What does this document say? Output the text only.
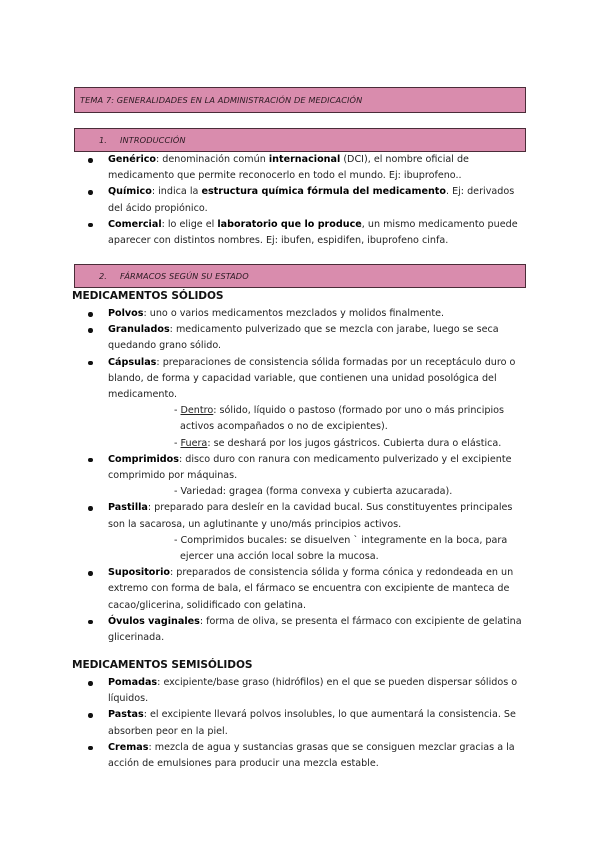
TEMA 7: GENERALIDADES EN LA ADMINISTRACIÓN DE MEDICACIÓN
1. INTRODUCCIÓN
Genérico: denominación común internacional (DCI), el nombre oficial de medicamento que permite reconocerlo en todo el mundo. Ej: ibuprofeno..
Químico: indica la estructura química fórmula del medicamento. Ej: derivados del ácido propiónico.
Comercial: lo elige el laboratorio que lo produce, un mismo medicamento puede aparecer con distintos nombres. Ej: ibufen, espidifen, ibuprofeno cinfa.
2. FÁRMACOS SEGÚN SU ESTADO
MEDICAMENTOS SÓLIDOS
Polvos: uno o varios medicamentos mezclados y molidos finalmente.
Granulados: medicamento pulverizado que se mezcla con jarabe, luego se seca quedando grano sólido.
Cápsulas: preparaciones de consistencia sólida formadas por un receptáculo duro o blando, de forma y capacidad variable, que contienen una unidad posológica del medicamento.
- Dentro: sólido, líquido o pastoso (formado por uno o más principios activos acompañados o no de excipientes).
- Fuera: se deshará por los jugos gástricos. Cubierta dura o elástica.
Comprimidos: disco duro con ranura con medicamento pulverizado y el excipiente comprimido por máquinas.
- Variedad: gragea (forma convexa y cubierta azucarada).
Pastilla: preparado para desleír en la cavidad bucal. Sus constituyentes principales son la sacarosa, un aglutinante y uno/más principios activos.
- Comprimidos bucales: se disuelven ` integramente en la boca, para ejercer una acción local sobre la mucosa.
Supositorio: preparados de consistencia sólida y forma cónica y redondeada en un extremo con forma de bala, el fármaco se encuentra con excipiente de manteca de cacao/glicerina, solidificado con gelatina.
Óvulos vaginales: forma de oliva, se presenta el fármaco con excipiente de gelatina glicerinada.
MEDICAMENTOS SEMISÓLIDOS
Pomadas: excipiente/base graso (hidrófilos) en el que se pueden dispersar sólidos o líquidos.
Pastas: el excipiente llevará polvos insolubles, lo que aumentará la consistencia. Se absorben peor en la piel.
Cremas: mezcla de agua y sustancias grasas que se consiguen mezclar gracias a la acción de emulsiones para producir una mezcla estable.
